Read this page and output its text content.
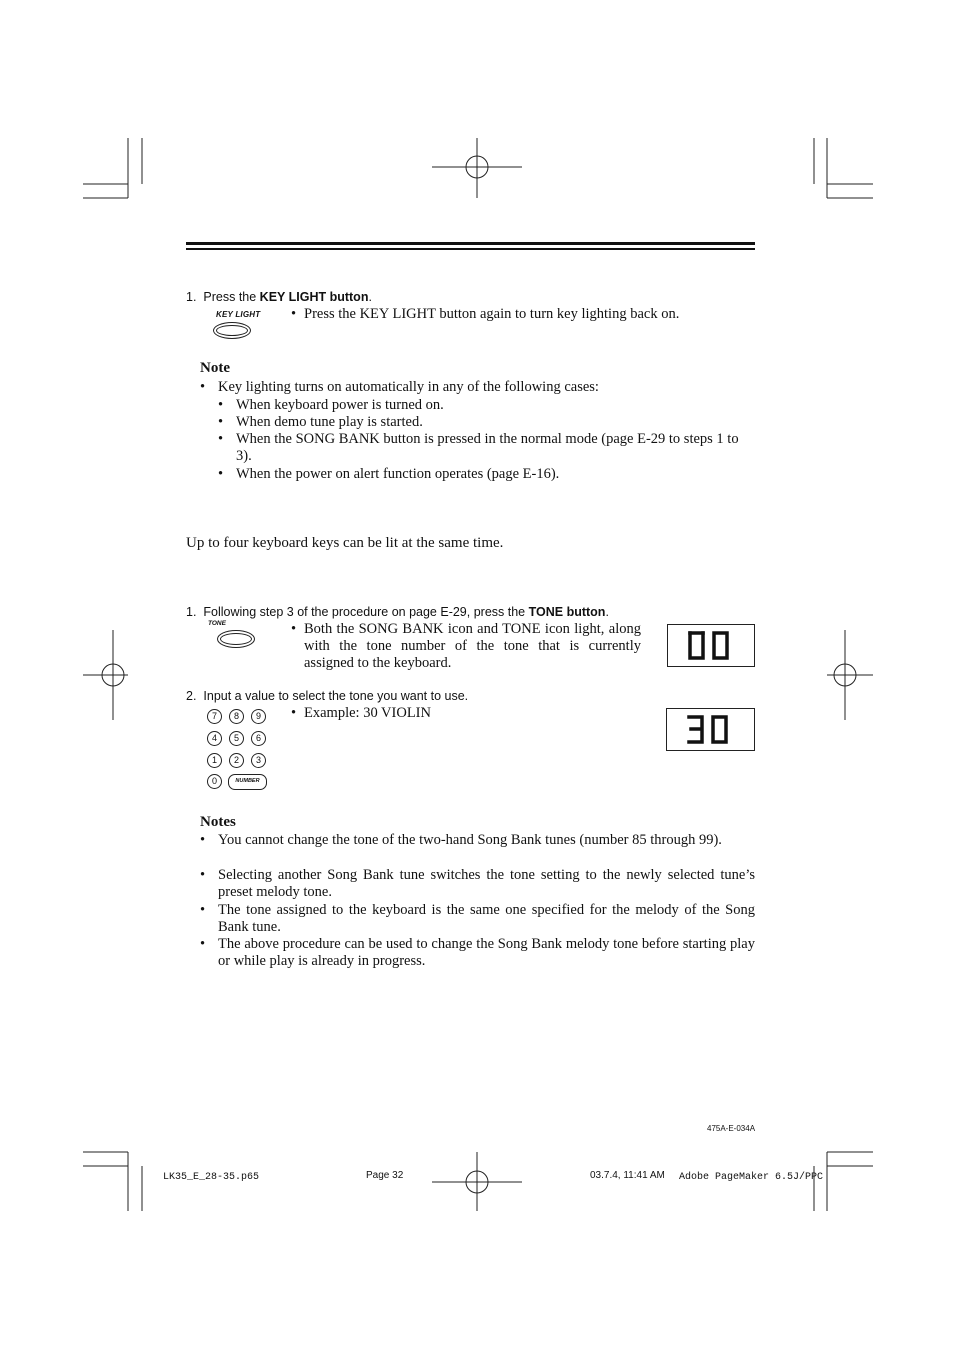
1. Press the KEY LIGHT button.
KEY LIGHT • Press the KEY LIGHT button again to turn key lighting back on.
Note
• Key lighting turns on automatically in any of the following cases:
• When keyboard power is turned on.
• When demo tune play is started.
• When the SONG BANK button is pressed in the normal mode (page E-29 to steps 1 to 3).
• When the power on alert function operates (page E-16).
Up to four keyboard keys can be lit at the same time.
1. Following step 3 of the procedure on page E-29, press the TONE button.
TONE	• Both the SONG BANK icon and TONE icon light, along with the tone number of the tone that is currently assigned to the keyboard.
2. Input a value to select the tone you want to use.
• Example: 30 VIOLIN
7	8	9
4	5	6
1	2	3
0	NUMBER
Notes
• You cannot change the tone of the two-hand Song Bank tunes (number 85 through 99).
• Selecting another Song Bank tune switches the tone setting to the newly selected tune’s preset melody tone.
• The tone assigned to the keyboard is the same one specified for the melody of the Song Bank tune.
• The above procedure can be used to change the Song Bank melody tone before starting play or while play is already in progress.
475A-E-034A
LK35_E_28-35.p65	Page 32	03.7.4, 11:41 AM Adobe PageMaker 6.5J/PPC
